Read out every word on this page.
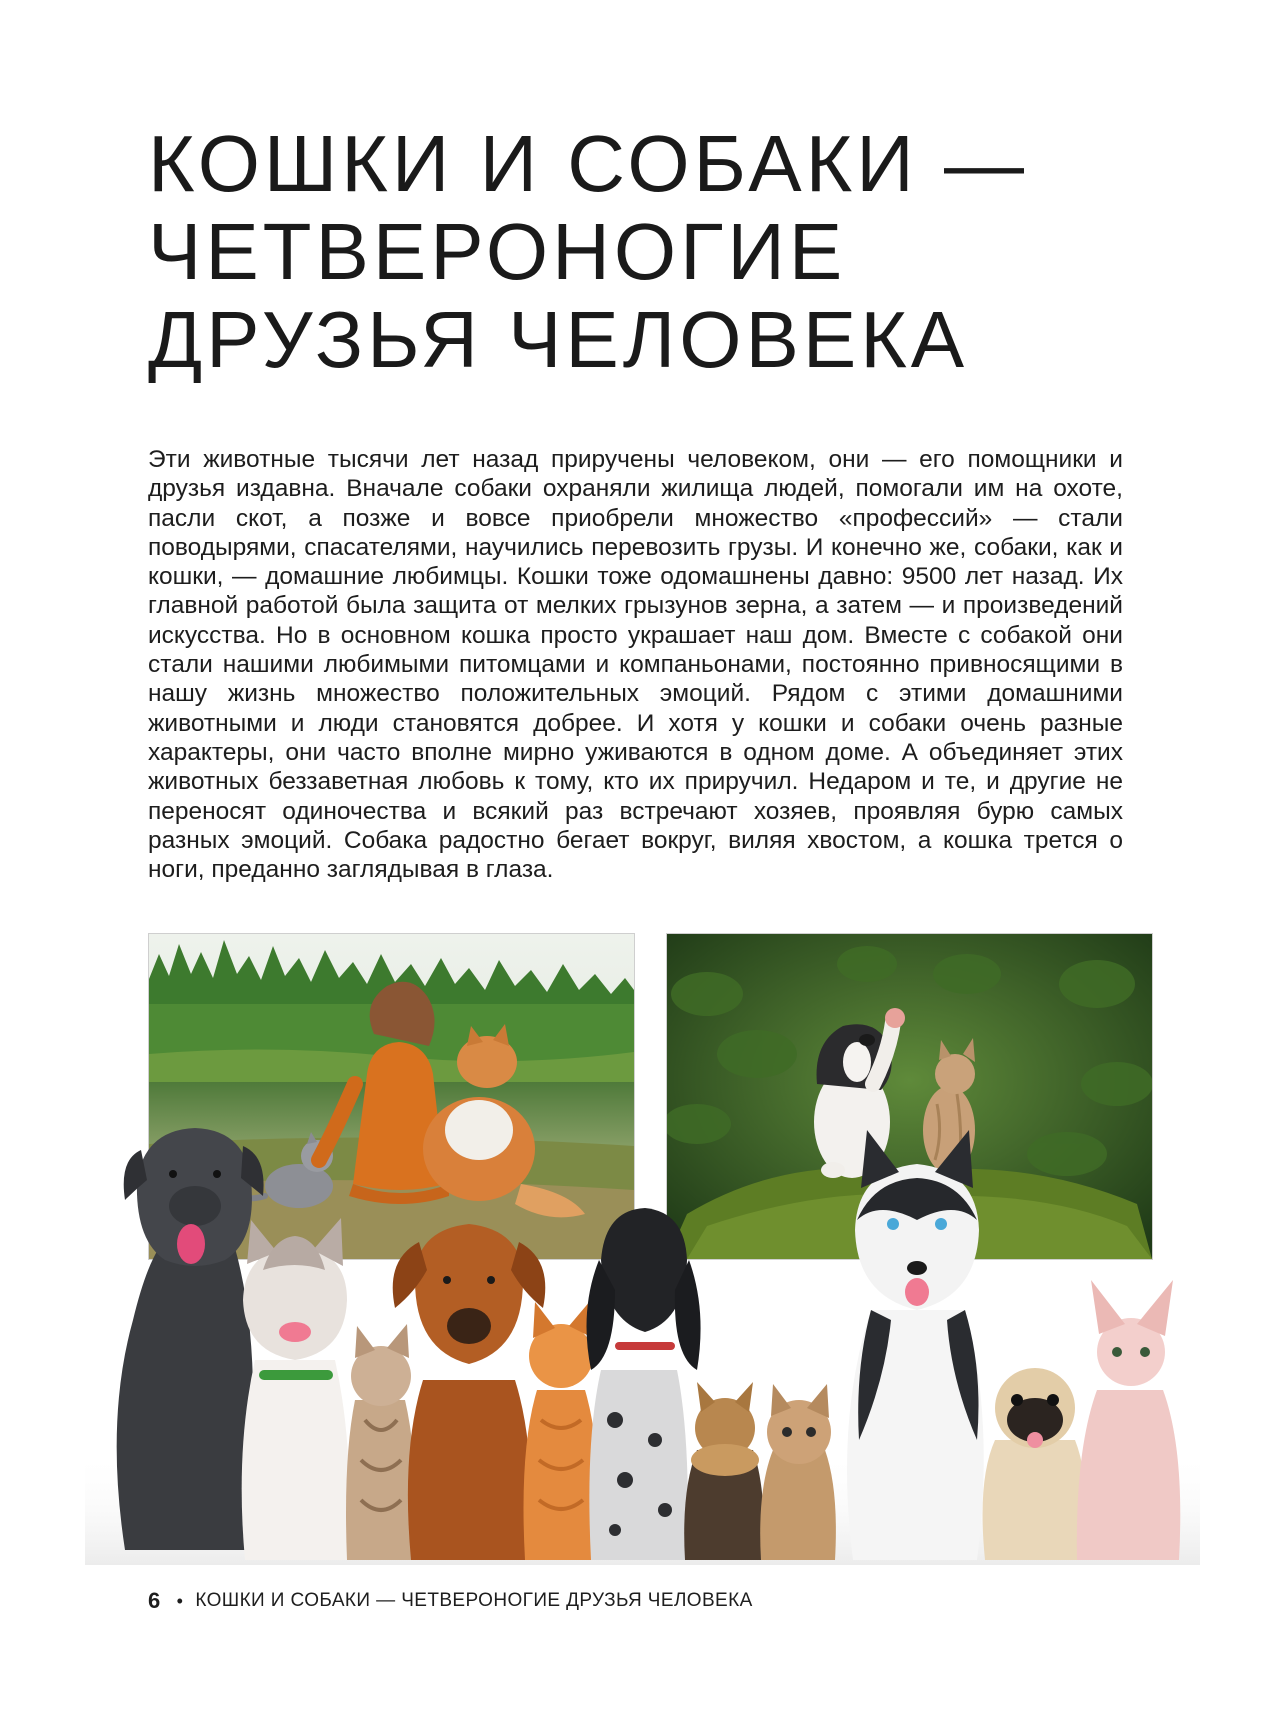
КОШКИ И СОБАКИ —
ЧЕТВЕРОНОГИЕ
ДРУЗЬЯ ЧЕЛОВЕКА

Эти животные тысячи лет назад приручены человеком, они — его помощники и друзья издавна. Вначале собаки охраняли жилища людей, помогали им на охоте, пасли скот, а позже и вовсе приобрели множество «профессий» — стали поводырями, спасателями, научились перевозить грузы. И конечно же, собаки, как и кошки, — домашние любимцы. Кошки тоже одомашнены давно: 9500 лет назад. Их главной работой была защита от мелких грызунов зерна, а затем — и произведений искусства. Но в основном кошка просто украшает наш дом. Вместе с собакой они стали нашими любимыми питомцами и компаньонами, постоянно привносящими в нашу жизнь множество положительных эмоций. Рядом с этими домашними животными и люди становятся добрее. И хотя у кошки и собаки очень разные характеры, они часто вполне мирно уживаются в одном доме. А объединяет этих животных беззаветная любовь к тому, кто их приручил. Недаром и те, и другие не переносят одиночества и всякий раз встречают хозяев, проявляя бурю самых разных эмоций. Собака радостно бегает вокруг, виляя хвостом, а кошка трется о ноги, преданно заглядывая в глаза.

6 • КОШКИ И СОБАКИ — ЧЕТВЕРОНОГИЕ ДРУЗЬЯ ЧЕЛОВЕКА
